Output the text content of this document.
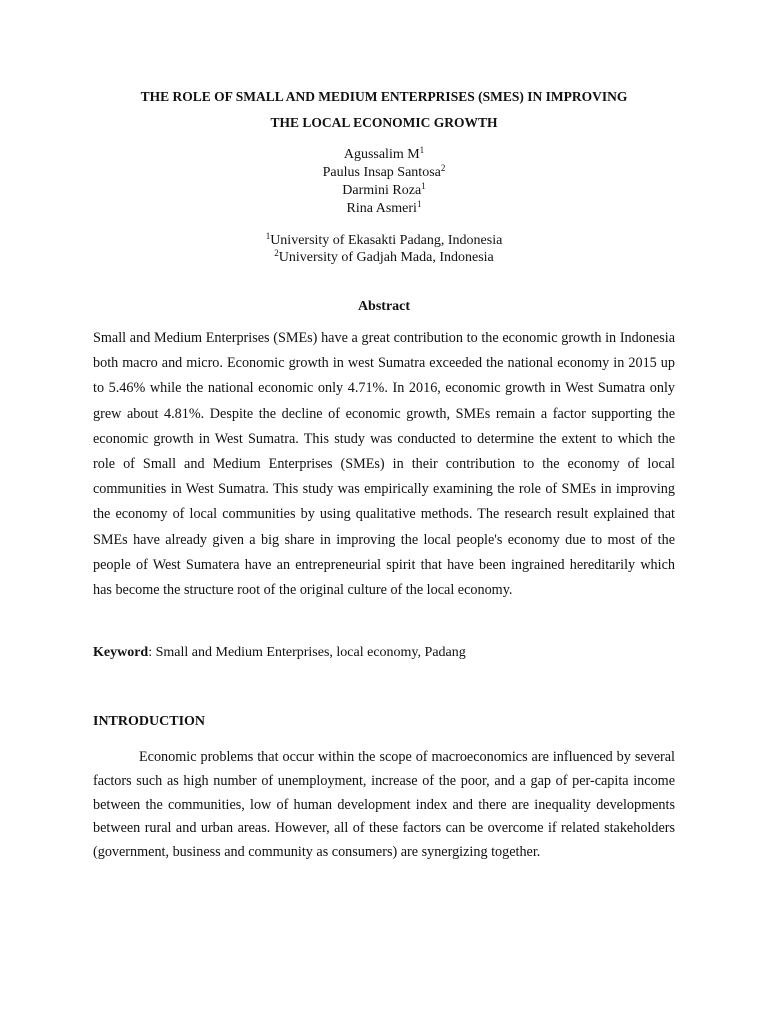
THE ROLE OF SMALL AND MEDIUM ENTERPRISES (SMES) IN IMPROVING
THE LOCAL ECONOMIC GROWTH
Agussalim $M^1$
Paulus Insap Santosa$^2$
Darmini Roza$^1$
Rina Asmeri$^1$
$^1$University of Ekasakti Padang, Indonesia
$^2$University of Gadjah Mada, Indonesia
Abstract
Small and Medium Enterprises (SMEs) have a great contribution to the economic growth in Indonesia both macro and micro. Economic growth in west Sumatra exceeded the national economy in 2015 up to 5.46% while the national economic only 4.71%. In 2016, economic growth in West Sumatra only grew about 4.81%. Despite the decline of economic growth, SMEs remain a factor supporting the economic growth in West Sumatra. This study was conducted to determine the extent to which the role of Small and Medium Enterprises (SMEs) in their contribution to the economy of local communities in West Sumatra. This study was empirically examining the role of SMEs in improving the economy of local communities by using qualitative methods. The research result explained that SMEs have already given a big share in improving the local people's economy due to most of the people of West Sumatera have an entrepreneurial spirit that have been ingrained hereditarily which has become the structure root of the original culture of the local economy.
Keyword: Small and Medium Enterprises, local economy, Padang
INTRODUCTION
Economic problems that occur within the scope of macroeconomics are influenced by several factors such as high number of unemployment, increase of the poor, and a gap of per-capita income between the communities, low of human development index and there are inequality developments between rural and urban areas. However, all of these factors can be overcome if related stakeholders (government, business and community as consumers) are synergizing together.
